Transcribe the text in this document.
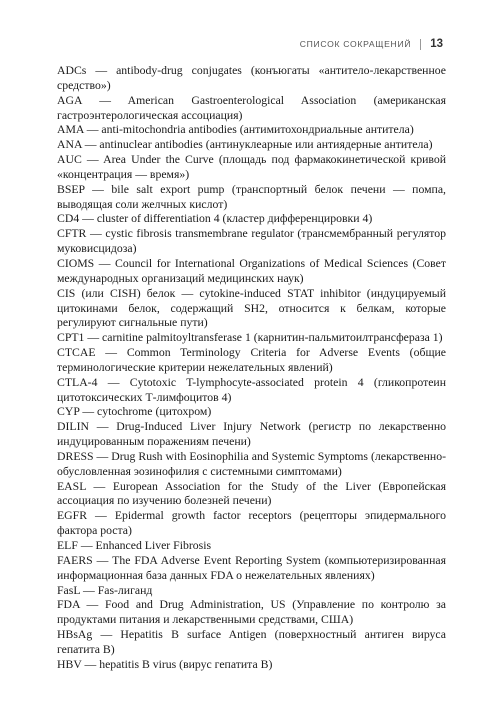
СПИСОК СОКРАЩЕНИЙ 13

ADCs — antibody-drug conjugates (конъюгаты «антитело-лекарственное средство»)

AGA — American Gastroenterological Association (американская гастроэнтерологическая ассоциация)

AMA — anti-mitochondria antibodies (антимитохондриальные антитела)

ANA — antinuclear antibodies (антинуклеарные или антиядерные антитела)

AUC — Area Under the Curve (площадь под фармакокинетической кривой «концентрация — время»)

BSEP — bile salt export pump (транспортный белок печени — помпа, выводящая соли желчных кислот)

CD4 — cluster of differentiation 4 (кластер дифференцировки 4)

CFTR — cystic fibrosis transmembrane regulator (трансмембранный регулятор муковисцидоза)

CIOMS — Council for International Organizations of Medical Sciences (Совет международных организаций медицинских наук)

CIS (или CISH) белок — cytokine-induced STAT inhibitor (индуцируемый цитокинами белок, содержащий SH2, относится к белкам, которые регулируют сигнальные пути)

CPT1 — carnitine palmitoyltransferase 1 (карнитин-пальмитоилтрансфераза 1)

CTCAE — Common Terminology Criteria for Adverse Events (общие терминологические критерии нежелательных явлений)

CTLA-4 — Cytotoxic T-lymphocyte-associated protein 4 (гликопротеин цитотоксических Т-лимфоцитов 4)

CYP — cytochrome (цитохром)

DILIN — Drug-Induced Liver Injury Network (регистр по лекарственно индуцированным поражениям печени)

DRESS — Drug Rush with Eosinophilia and Systemic Symptoms (лекарственно-обусловленная эозинофилия с системными симптомами)

EASL — European Association for the Study of the Liver (Европейская ассоциация по изучению болезней печени)

EGFR — Epidermal growth factor receptors (рецепторы эпидермального фактора роста)

ELF — Enhanced Liver Fibrosis

FAERS — The FDA Adverse Event Reporting System (компьютеризированная информационная база данных FDA о нежелательных явлениях)

FasL — Fas-лиганд

FDA — Food and Drug Administration, US (Управление по контролю за продуктами питания и лекарственными средствами, США)

HBsAg — Hepatitis B surface Antigen (поверхностный антиген вируса гепатита B)

HBV — hepatitis B virus (вирус гепатита B)
